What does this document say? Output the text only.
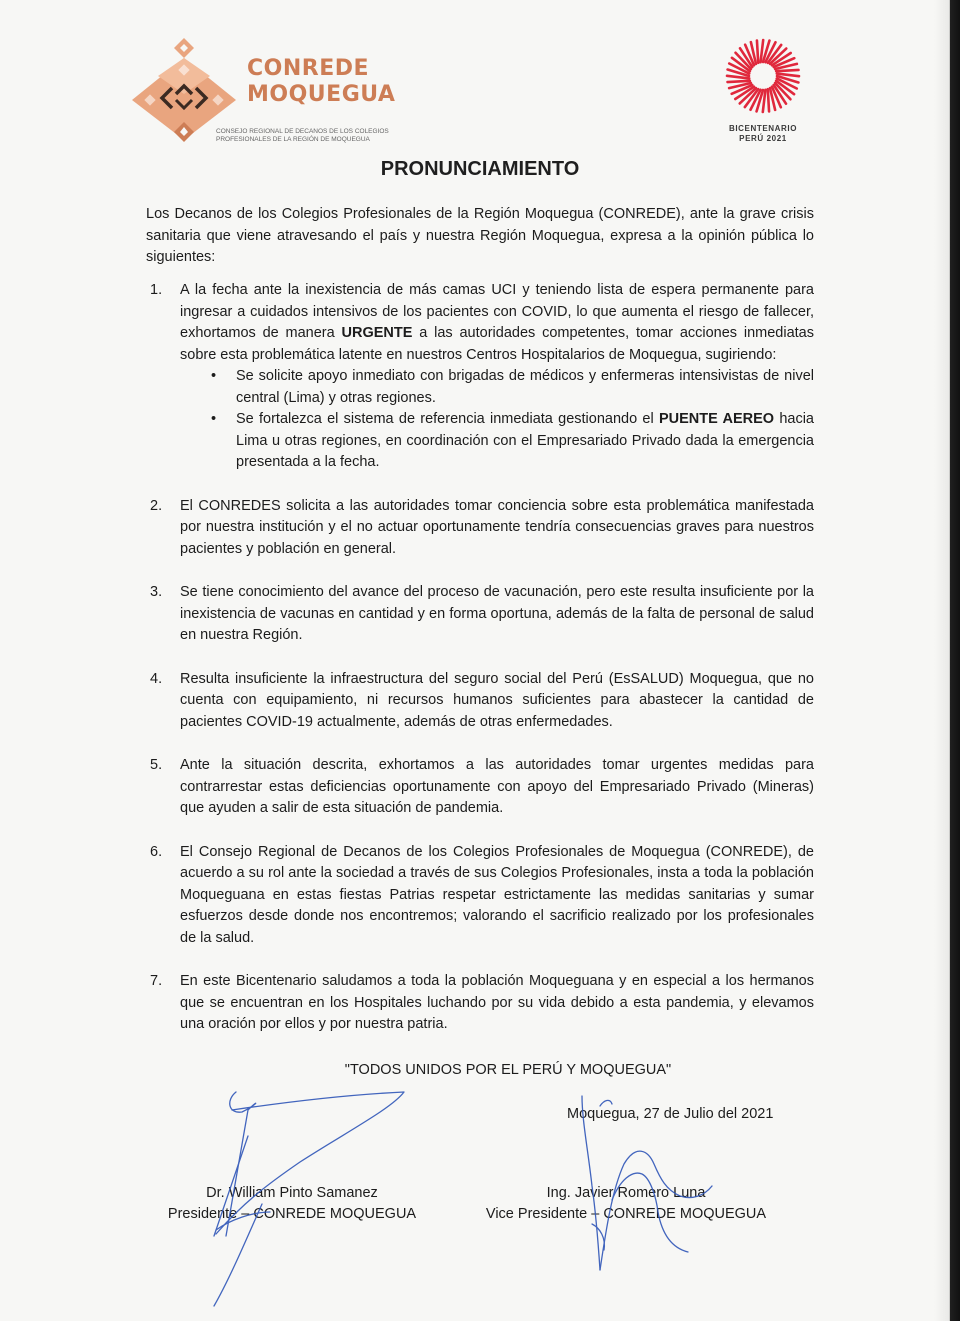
CONREDE
MOQUEGUA
CONSEJO REGIONAL DE DECANOS DE LOS COLEGIOS
PROFESIONALES DE LA REGIÓN DE MOQUEGUA
BICENTENARIO
PERÚ 2021
PRONUNCIAMIENTO
Los Decanos de los Colegios Profesionales de la Región Moquegua (CONREDE), ante la grave crisis sanitaria que viene atravesando el país y nuestra Región Moquegua, expresa a la opinión pública lo siguientes:
1. A la fecha ante la inexistencia de más camas UCI y teniendo lista de espera permanente para ingresar a cuidados intensivos de los pacientes con COVID, lo que aumenta el riesgo de fallecer, exhortamos de manera URGENTE a las autoridades competentes, tomar acciones inmediatas sobre esta problemática latente en nuestros Centros Hospitalarios de Moquegua, sugiriendo:
• Se solicite apoyo inmediato con brigadas de médicos y enfermeras intensivistas de nivel central (Lima) y otras regiones.
• Se fortalezca el sistema de referencia inmediata gestionando el PUENTE AEREO hacia Lima u otras regiones, en coordinación con el Empresariado Privado dada la emergencia presentada a la fecha.
2. El CONREDES solicita a las autoridades tomar conciencia sobre esta problemática manifestada por nuestra institución y el no actuar oportunamente tendría consecuencias graves para nuestros pacientes y población en general.
3. Se tiene conocimiento del avance del proceso de vacunación, pero este resulta insuficiente por la inexistencia de vacunas en cantidad y en forma oportuna, además de la falta de personal de salud en nuestra Región.
4. Resulta insuficiente la infraestructura del seguro social del Perú (EsSALUD) Moquegua, que no cuenta con equipamiento, ni recursos humanos suficientes para abastecer la cantidad de pacientes COVID-19 actualmente, además de otras enfermedades.
5. Ante la situación descrita, exhortamos a las autoridades tomar urgentes medidas para contrarrestar estas deficiencias oportunamente con apoyo del Empresariado Privado (Mineras) que ayuden a salir de esta situación de pandemia.
6. El Consejo Regional de Decanos de los Colegios Profesionales de Moquegua (CONREDE), de acuerdo a su rol ante la sociedad a través de sus Colegios Profesionales, insta a toda la población Moqueguana en estas fiestas Patrias respetar estrictamente las medidas sanitarias y sumar esfuerzos desde donde nos encontremos; valorando el sacrificio realizado por los profesionales de la salud.
7. En este Bicentenario saludamos a toda la población Moqueguana y en especial a los hermanos que se encuentran en los Hospitales luchando por su vida debido a esta pandemia, y elevamos una oración por ellos y por nuestra patria.
"TODOS UNIDOS POR EL PERÚ Y MOQUEGUA"
Moquegua, 27 de Julio del 2021
Dr. William Pinto Samanez
Presidente – CONREDE MOQUEGUA
Ing. Javier Romero Luna
Vice Presidente – CONREDE MOQUEGUA
